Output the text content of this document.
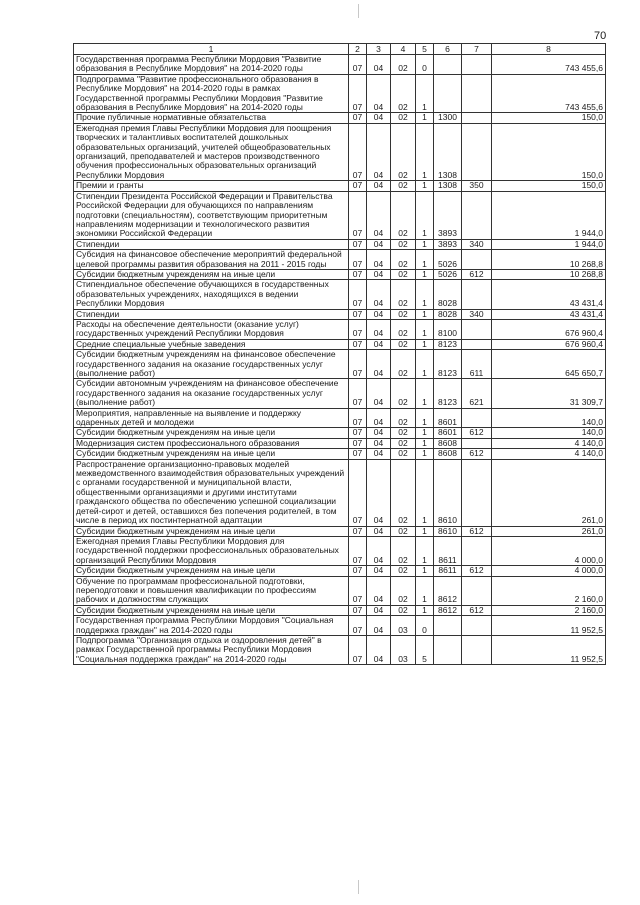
70
1	2	3	4	5	6	7	8
Государственная программа Республики Мордовия "Развитие образования в Республике Мордовия" на 2014-2020 годы	07	04	02	0			743 455,6
Подпрограмма "Развитие профессионального образования в Республике Мордовия" на 2014-2020 годы в рамках Государственной программы Республики Мордовия "Развитие образования в Республике Мордовия" на 2014-2020 годы	07	04	02	1			743 455,6
Прочие публичные нормативные обязательства	07	04	02	1	1300		150,0
Ежегодная премия Главы Республики Мордовия для поощрения творческих и талантливых воспитателей дошкольных образовательных организаций, учителей общеобразовательных организаций, преподавателей и мастеров производственного обучения профессиональных образовательных организаций Республики Мордовия	07	04	02	1	1308		150,0
Премии и гранты	07	04	02	1	1308	350	150,0
Стипендии Президента Российской Федерации и Правительства Российской Федерации для обучающихся по направлениям подготовки (специальностям), соответствующим приоритетным направлениям модернизации и технологического развития экономики Российской Федерации	07	04	02	1	3893		1 944,0
Стипендии	07	04	02	1	3893	340	1 944,0
Субсидия на финансовое обеспечение мероприятий федеральной целевой программы развития образования на 2011 - 2015 годы	07	04	02	1	5026		10 268,8
Субсидии бюджетным учреждениям на иные цели	07	04	02	1	5026	612	10 268,8
Стипендиальное обеспечение обучающихся в государственных образовательных учреждениях, находящихся в ведении Республики Мордовия	07	04	02	1	8028		43 431,4
Стипендии	07	04	02	1	8028	340	43 431,4
Расходы на обеспечение деятельности (оказание услуг) государственных учреждений Республики Мордовия	07	04	02	1	8100		676 960,4
Средние специальные учебные заведения	07	04	02	1	8123		676 960,4
Субсидии бюджетным учреждениям на финансовое обеспечение государственного задания на оказание государственных услуг (выполнение работ)	07	04	02	1	8123	611	645 650,7
Субсидии автономным учреждениям на финансовое обеспечение государственного задания на оказание государственных услуг (выполнение работ)	07	04	02	1	8123	621	31 309,7
Мероприятия, направленные на выявление и поддержку одаренных детей и молодежи	07	04	02	1	8601		140,0
Субсидии бюджетным учреждениям на иные цели	07	04	02	1	8601	612	140,0
Модернизация систем профессионального образования	07	04	02	1	8608		4 140,0
Субсидии бюджетным учреждениям на иные цели	07	04	02	1	8608	612	4 140,0
Распространение организационно-правовых моделей межведомственного взаимодействия образовательных учреждений с органами государственной и муниципальной власти, общественными организациями и другими институтами гражданского общества по обеспечению успешной социализации детей-сирот и детей, оставшихся без попечения родителей, в том числе в период их постинтернатной адаптации	07	04	02	1	8610		261,0
Субсидии бюджетным учреждениям на иные цели	07	04	02	1	8610	612	261,0
Ежегодная премия Главы Республики Мордовия для государственной поддержки профессиональных образовательных организаций Республики Мордовия	07	04	02	1	8611		4 000,0
Субсидии бюджетным учреждениям на иные цели	07	04	02	1	8611	612	4 000,0
Обучение по программам профессиональной подготовки, переподготовки и повышения квалификации по профессиям рабочих и должностям служащих	07	04	02	1	8612		2 160,0
Субсидии бюджетным учреждениям на иные цели	07	04	02	1	8612	612	2 160,0
Государственная программа Республики Мордовия "Социальная поддержка граждан" на 2014-2020 годы	07	04	03	0			11 952,5
Подпрограмма "Организация отдыха и оздоровления детей" в рамках Государственной программы Республики Мордовия "Социальная поддержка граждан" на 2014-2020 годы	07	04	03	5			11 952,5
